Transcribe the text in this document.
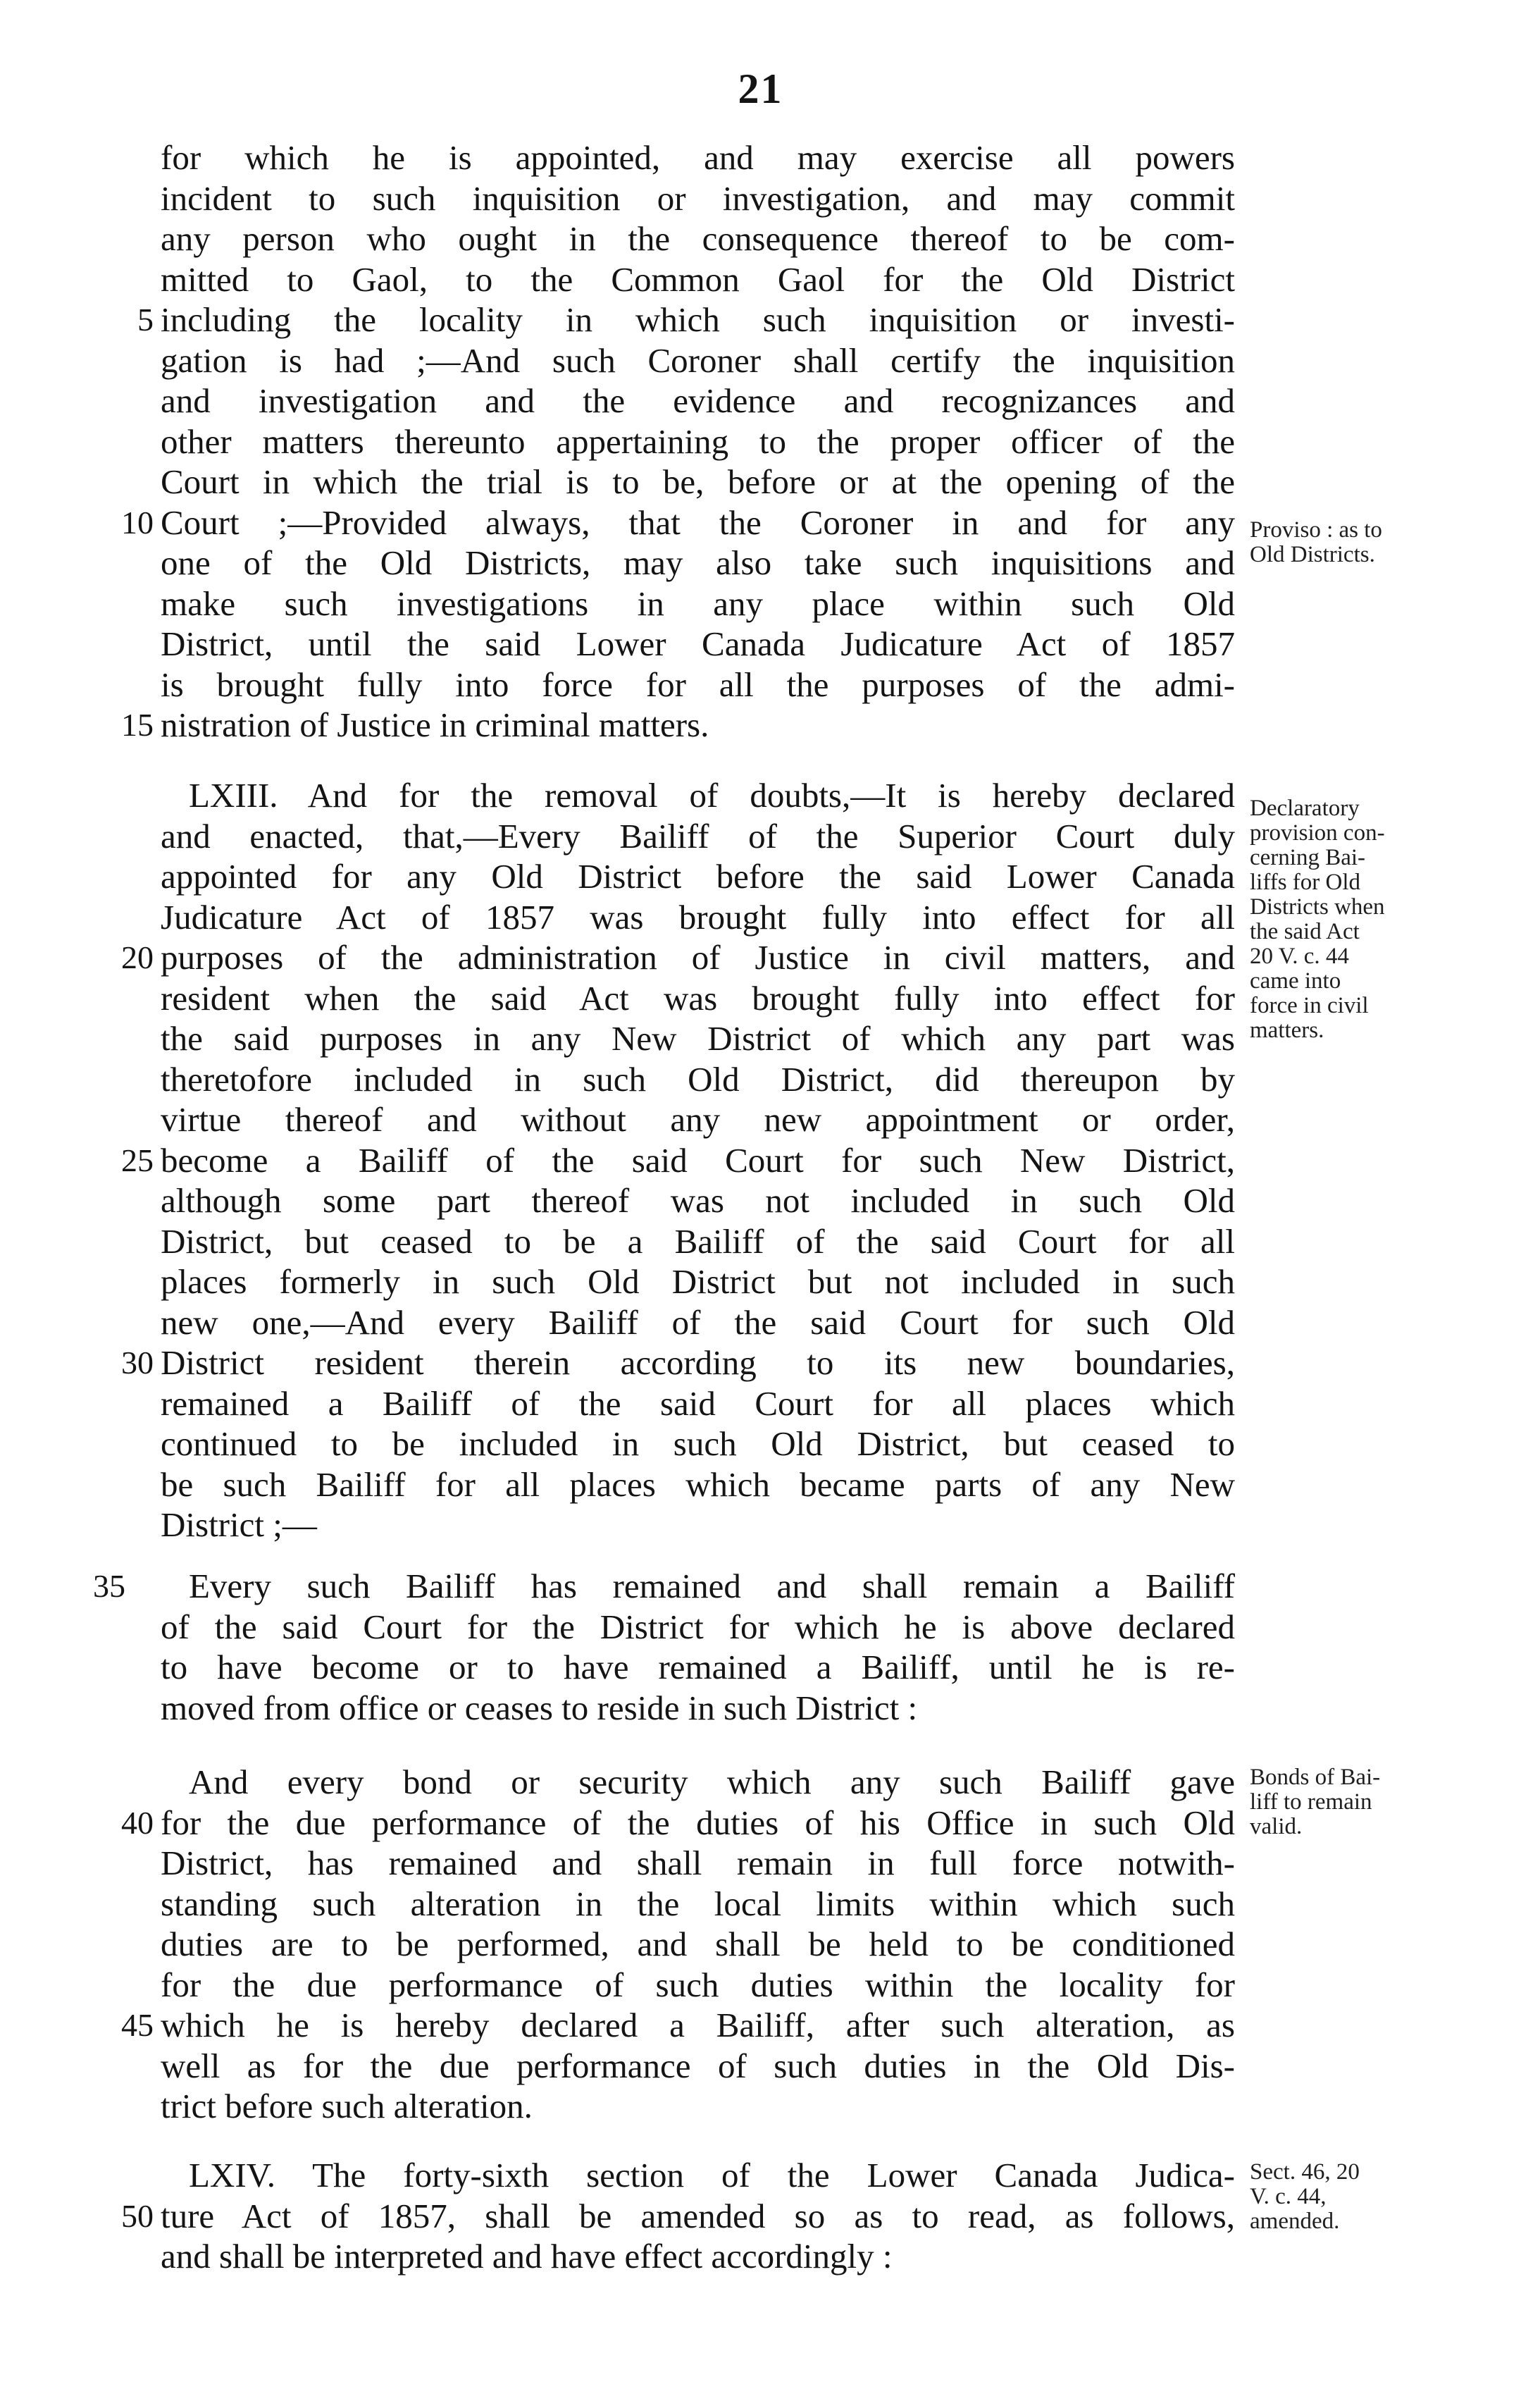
21
for which he is appointed, and may exercise all powers
incident to such inquisition or investigation, and may commit
any person who ought in the consequence thereof to be com-
mitted to Gaol, to the Common Gaol for the Old District
5 including the locality in which such inquisition or investi-
gation is had ;—And such Coroner shall certify the inquisition
and investigation and the evidence and recognizances and
other matters thereunto appertaining to the proper officer of the
Court in which the trial is to be, before or at the opening of the
10 Court ;—Provided always, that the Coroner in and for any
one of the Old Districts, may also take such inquisitions and
make such investigations in any place within such Old
District, until the said Lower Canada Judicature Act of 1857
is brought fully into force for all the purposes of the admi-
15 nistration of Justice in criminal matters.
LXIII. And for the removal of doubts,—It is hereby declared
and enacted, that,—Every Bailiff of the Superior Court duly
appointed for any Old District before the said Lower Canada
Judicature Act of 1857 was brought fully into effect for all
20 purposes of the administration of Justice in civil matters, and
resident when the said Act was brought fully into effect for
the said purposes in any New District of which any part was
theretofore included in such Old District, did thereupon by
virtue thereof and without any new appointment or order,
25 become a Bailiff of the said Court for such New District,
although some part thereof was not included in such Old
District, but ceased to be a Bailiff of the said Court for all
places formerly in such Old District but not included in such
new one,—And every Bailiff of the said Court for such Old
30 District resident therein according to its new boundaries,
remained a Bailiff of the said Court for all places which
continued to be included in such Old District, but ceased to
be such Bailiff for all places which became parts of any New
District ;—
35 Every such Bailiff has remained and shall remain a Bailiff
of the said Court for the District for which he is above declared
to have become or to have remained a Bailiff, until he is re-
moved from office or ceases to reside in such District :
And every bond or security which any such Bailiff gave
40 for the due performance of the duties of his Office in such Old
District, has remained and shall remain in full force notwith-
standing such alteration in the local limits within which such
duties are to be performed, and shall be held to be conditioned
for the due performance of such duties within the locality for
45 which he is hereby declared a Bailiff, after such alteration, as
well as for the due performance of such duties in the Old Dis-
trict before such alteration.
LXIV. The forty-sixth section of the Lower Canada Judica-
50 ture Act of 1857, shall be amended so as to read, as follows,
and shall be interpreted and have effect accordingly :
Proviso : as to
Old Districts.
Declaratory
provision con-
cerning Bai-
liffs for Old
Districts when
the said Act
20 V. c. 44
came into
force in civil
matters.
Bonds of Bai-
liff to remain
valid.
Sect. 46, 20
V. c. 44,
amended.
